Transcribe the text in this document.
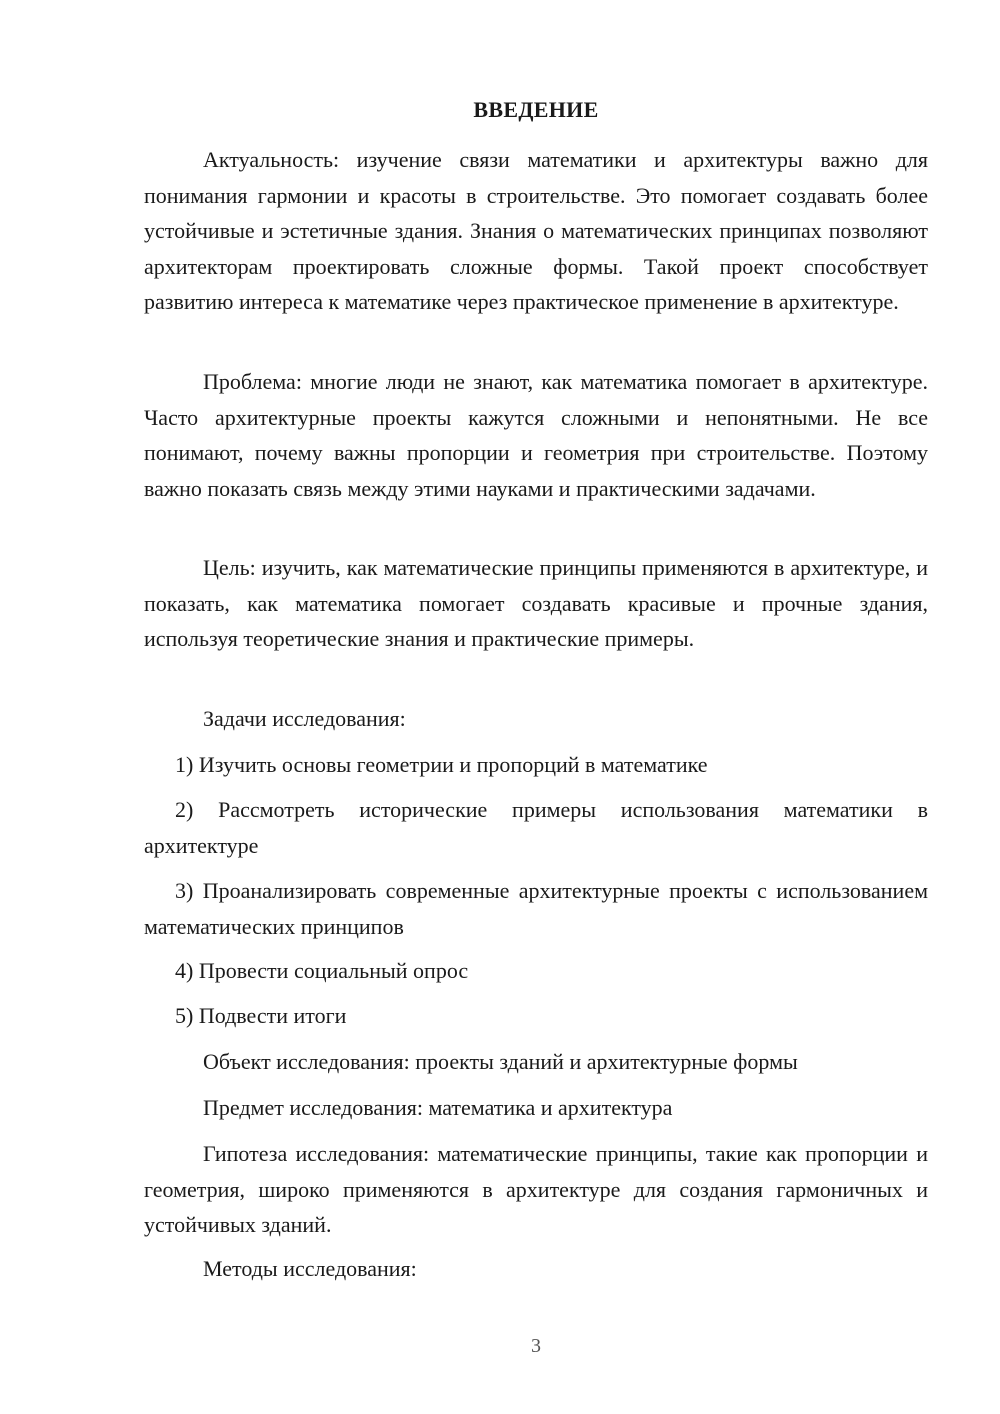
ВВЕДЕНИЕ

Актуальность: изучение связи математики и архитектуры важно для понимания гармонии и красоты в строительстве. Это помогает создавать более устойчивые и эстетичные здания. Знания о математических принципах позволяют архитекторам проектировать сложные формы. Такой проект способствует развитию интереса к математике через практическое применение в архитектуре.

Проблема: многие люди не знают, как математика помогает в архитектуре. Часто архитектурные проекты кажутся сложными и непонятными. Не все понимают, почему важны пропорции и геометрия при строительстве. Поэтому важно показать связь между этими науками и практическими задачами.

Цель: изучить, как математические принципы применяются в архитектуре, и показать, как математика помогает создавать красивые и прочные здания, используя теоретические знания и практические примеры.

Задачи исследования:

1) Изучить основы геометрии и пропорций в математике

2) Рассмотреть исторические примеры использования математики в архитектуре

3) Проанализировать современные архитектурные проекты с использованием математических принципов

4) Провести социальный опрос

5) Подвести итоги

Объект исследования: проекты зданий и архитектурные формы

Предмет исследования: математика и архитектура

Гипотеза исследования: математические принципы, такие как пропорции и геометрия, широко применяются в архитектуре для создания гармоничных и устойчивых зданий.

Методы исследования:

3
